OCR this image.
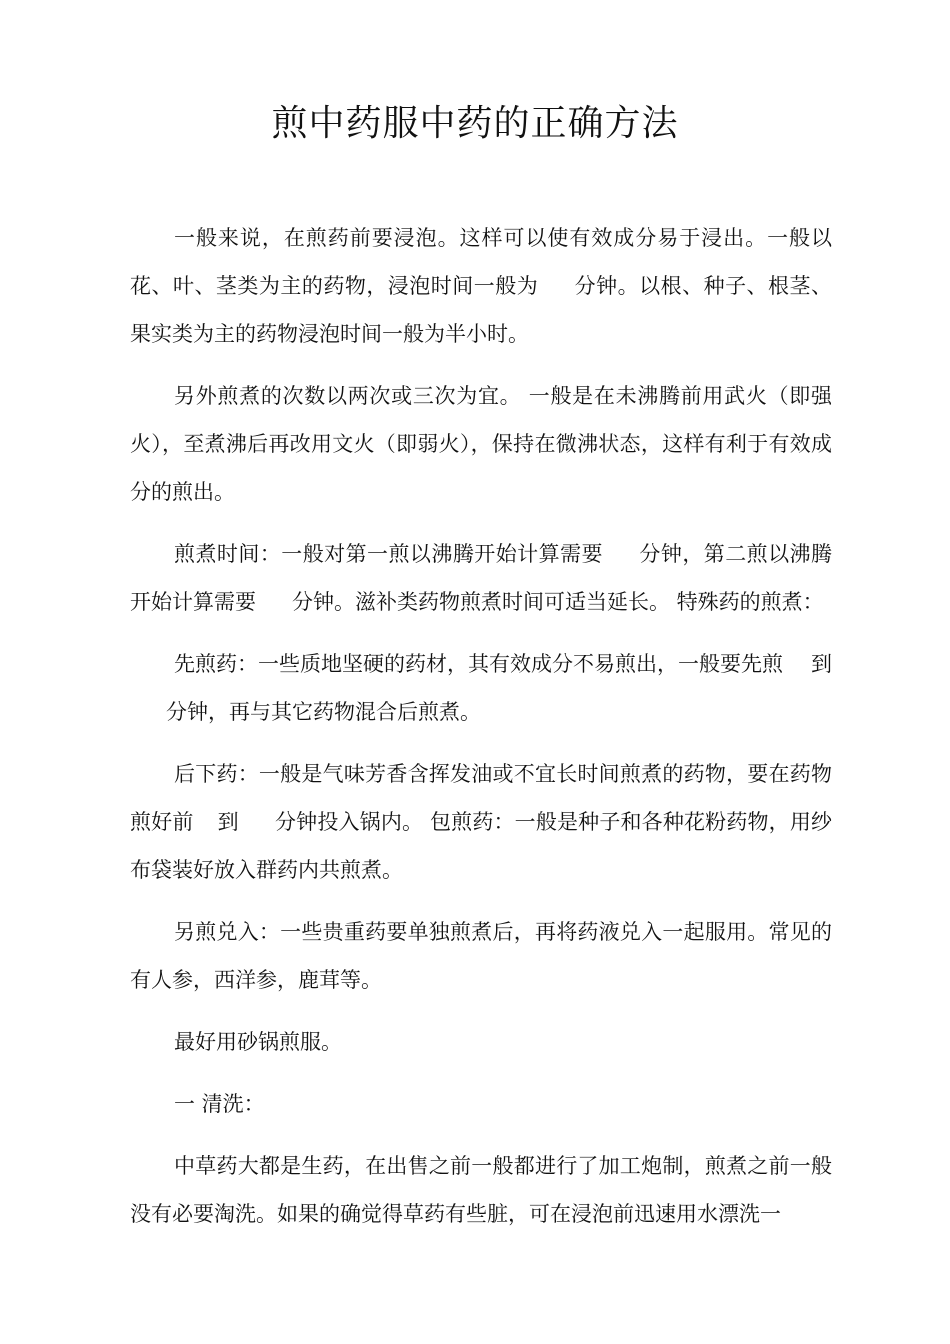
煎中药服中药的正确方法

一般来说，在煎药前要浸泡。这样可以使有效成分易于浸出。一般以花、叶、茎类为主的药物，浸泡时间一般为 分钟。以根、种子、根茎、果实类为主的药物浸泡时间一般为半小时。

另外煎煮的次数以两次或三次为宜。 一般是在未沸腾前用武火（即强火），至煮沸后再改用文火（即弱火），保持在微沸状态，这样有利于有效成分的煎出。

煎煮时间：一般对第一煎以沸腾开始计算需要 分钟，第二煎以沸腾开始计算需要 分钟。滋补类药物煎煮时间可适当延长。 特殊药的煎煮：

先煎药：一些质地坚硬的药材，其有效成分不易煎出，一般要先煎 到分钟，再与其它药物混合后煎煮。

后下药：一般是气味芳香含挥发油或不宜长时间煎煮的药物，要在药物煎好前 到 分钟投入锅内。 包煎药：一般是种子和各种花粉药物，用纱布袋装好放入群药内共煎煮。

另煎兑入：一些贵重药要单独煎煮后，再将药液兑入一起服用。常见的有人参，西洋参，鹿茸等。

最好用砂锅煎服。

一 清洗：

中草药大都是生药，在出售之前一般都进行了加工炮制，煎煮之前一般没有必要淘洗。如果的确觉得草药有些脏，可在浸泡前迅速用水漂洗一
